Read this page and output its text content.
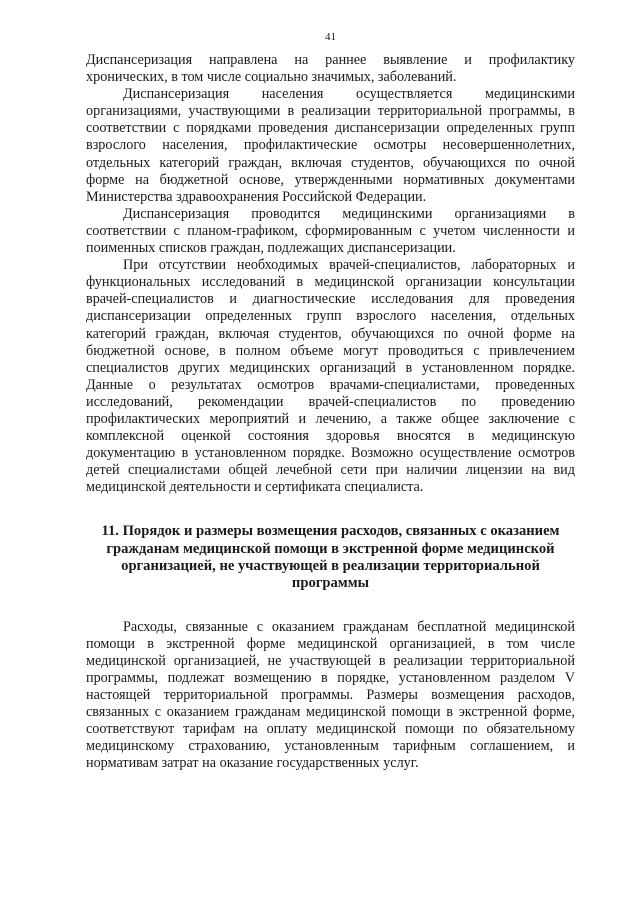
41

Диспансеризация направлена на раннее выявление и профилактику хронических, в том числе социально значимых, заболеваний.

Диспансеризация населения осуществляется медицинскими организациями, участвующими в реализации территориальной программы, в соответствии с порядками проведения диспансеризации определенных групп взрослого населения, профилактические осмотры несовершеннолетних, отдельных категорий граждан, включая студентов, обучающихся по очной форме на бюджетной основе, утвержденными нормативных документами Министерства здравоохранения Российской Федерации.

Диспансеризация проводится медицинскими организациями в соответствии с планом-графиком, сформированным с учетом численности и поименных списков граждан, подлежащих диспансеризации.

При отсутствии необходимых врачей-специалистов, лабораторных и функциональных исследований в медицинской организации консультации врачей-специалистов и диагностические исследования для проведения диспансеризации определенных групп взрослого населения, отдельных категорий граждан, включая студентов, обучающихся по очной форме на бюджетной основе, в полном объеме могут проводиться с привлечением специалистов других медицинских организаций в установленном порядке. Данные о результатах осмотров врачами-специалистами, проведенных исследований, рекомендации врачей-специалистов по проведению профилактических мероприятий и лечению, а также общее заключение с комплексной оценкой состояния здоровья вносятся в медицинскую документацию в установленном порядке. Возможно осуществление осмотров детей специалистами общей лечебной сети при наличии лицензии на вид медицинской деятельности и сертификата специалиста.

11. Порядок и размеры возмещения расходов, связанных с оказанием гражданам медицинской помощи в экстренной форме медицинской организацией, не участвующей в реализации территориальной программы

Расходы, связанные с оказанием гражданам бесплатной медицинской помощи в экстренной форме медицинской организацией, в том числе медицинской организацией, не участвующей в реализации территориальной программы, подлежат возмещению в порядке, установленном разделом V настоящей территориальной программы. Размеры возмещения расходов, связанных с оказанием гражданам медицинской помощи в экстренной форме, соответствуют тарифам на оплату медицинской помощи по обязательному медицинскому страхованию, установленным тарифным соглашением, и нормативам затрат на оказание государственных услуг.
